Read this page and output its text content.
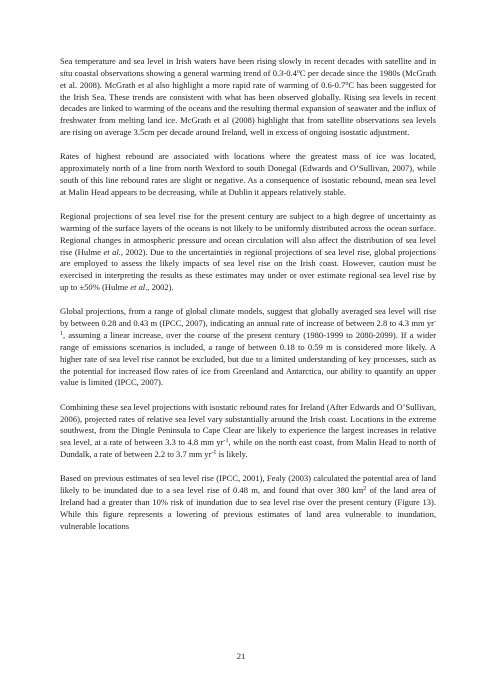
Sea temperature and sea level in Irish waters have been rising slowly in recent decades with satellite and in situ coastal observations showing a general warming trend of 0.3-0.4$^o$C per decade since the 1980s (McGrath et al. 2008). McGrath et al also highlight a more rapid rate of warming of 0.6-0.7$^o$C has been suggested for the Irish Sea. These trends are consistent with what has been observed globally. Rising sea levels in recent decades are linked to warming of the oceans and the resulting thermal expansion of seawater and the influx of freshwater from melting land ice. McGrath et al (2008) highlight that from satellite observations sea levels are rising on average 3.5cm per decade around Ireland, well in excess of ongoing isostatic adjustment.

Rates of highest rebound are associated with locations where the greatest mass of ice was located, approximately north of a line from north Wexford to south Donegal (Edwards and O’Sullivan, 2007), while south of this line rebound rates are slight or negative. As a consequence of isostatic rebound, mean sea level at Malin Head appears to be decreasing, while at Dublin it appears relatively stable.

Regional projections of sea level rise for the present century are subject to a high degree of uncertainty as warming of the surface layers of the oceans is not likely to be uniformly distributed across the ocean surface. Regional changes in atmospheric pressure and ocean circulation will also affect the distribution of sea level rise (Hulme et al., 2002). Due to the uncertainties in regional projections of sea level rise, global projections are employed to assess the likely impacts of sea level rise on the Irish coast. However, caution must be exercised in interpreting the results as these estimates may under or over estimate regional sea level rise by up to ±50% (Hulme et al., 2002).

Global projections, from a range of global climate models, suggest that globally averaged sea level will rise by between 0.28 and 0.43 m (IPCC, 2007), indicating an annual rate of increase of between 2.8 to 4.3 mm $yr^{-1}$, assuming a linear increase, over the course of the present century (1980-1999 to 2080-2099). If a wider range of emissions scenarios is included, a range of between 0.18 to 0.59 m is considered more likely. A higher rate of sea level rise cannot be excluded, but due to a limited understanding of key processes, such as the potential for increased flow rates of ice from Greenland and Antarctica, our ability to quantify an upper value is limited (IPCC, 2007).

Combining these sea level projections with isostatic rebound rates for Ireland (After Edwards and O’Sullivan, 2006), projected rates of relative sea level vary substantially around the Irish coast. Locations in the extreme southwest, from the Dingle Peninsula to Cape Clear are likely to experience the largest increases in relative sea level, at a rate of between 3.3 to 4.8 mm $yr^{-1}$, while on the north east coast, from Malin Head to north of Dundalk, a rate of between 2.2 to 3.7 mm $yr^{-1}$ is likely.

Based on previous estimates of sea level rise (IPCC, 2001), Fealy (2003) calculated the potential area of land likely to be inundated due to a sea level rise of 0.48 m, and found that over 380 $km^2$ of the land area of Ireland had a greater than 10% risk of inundation due to sea level rise over the present century (Figure 13). While this figure represents a lowering of previous estimates of land area vulnerable to inundation, vulnerable locations

21
